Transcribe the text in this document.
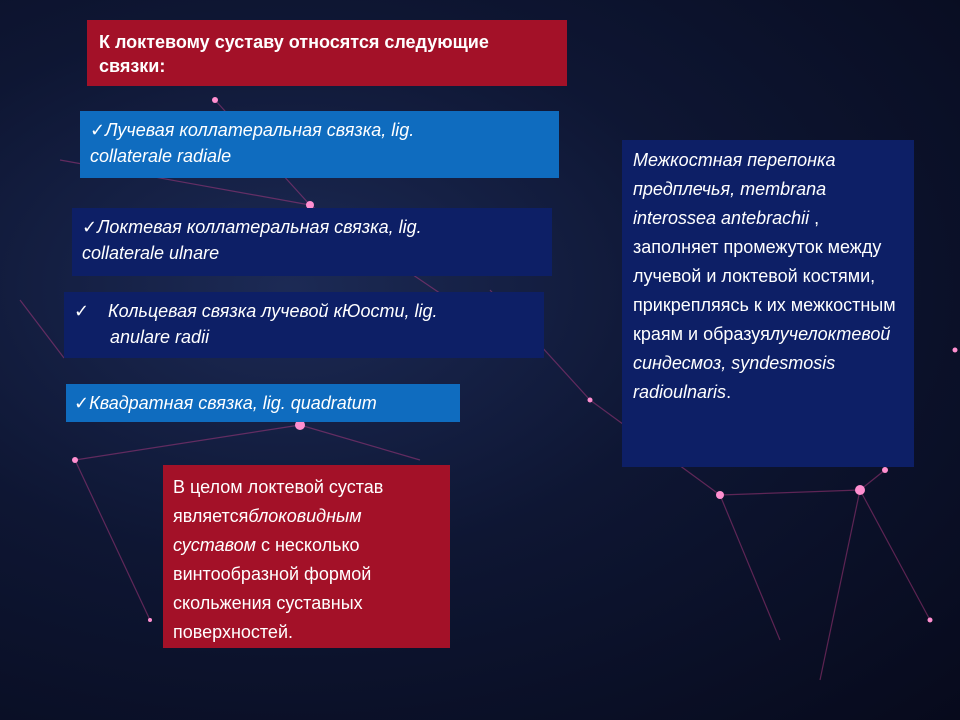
К локтевому суставу относятся следующие связки:
✓Лучевая коллатеральная связка, lig.
collaterale radiale
✓Локтевая коллатеральная связка, lig.
collaterale ulnare
✓ Кольцевая связка лучевой кЮости, lig.
anulare radii
✓Квадратная связка, lig. quadratum
В целом локтевой сустав являетсяблоковидным суставом с несколько винтообразной формой скольжения суставных поверхностей.
Межкостная перепонка предплечья, membrana interossea antebrachii , заполняет промежуток между лучевой и локтевой костями, прикрепляясь к их межкостным краям и образуялучелоктевой синдесмоз, syndesmosis radioulnaris.
